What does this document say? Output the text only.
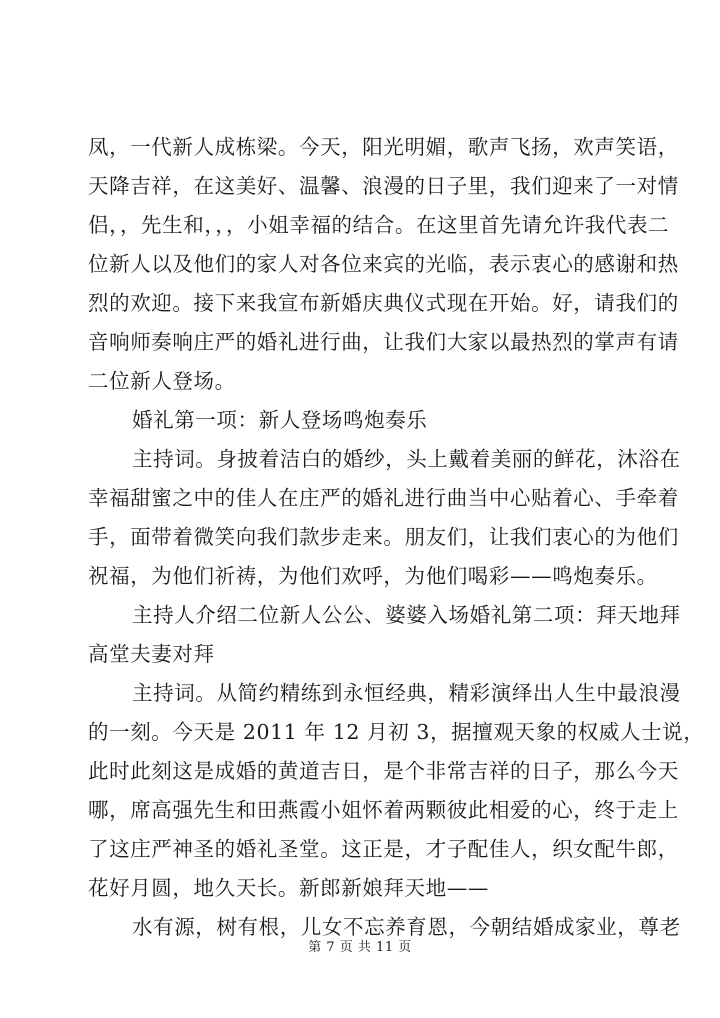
凤，一代新人成栋梁。今天，阳光明媚，歌声飞扬，欢声笑语，
天降吉祥，在这美好、温馨、浪漫的日子里，我们迎来了一对情
侣，，先生和，，，小姐幸福的结合。在这里首先请允许我代表二
位新人以及他们的家人对各位来宾的光临，表示衷心的感谢和热
烈的欢迎。接下来我宣布新婚庆典仪式现在开始。好，请我们的
音响师奏响庄严的婚礼进行曲，让我们大家以最热烈的掌声有请
二位新人登场。
婚礼第一项：新人登场鸣炮奏乐
主持词。身披着洁白的婚纱，头上戴着美丽的鲜花，沐浴在
幸福甜蜜之中的佳人在庄严的婚礼进行曲当中心贴着心、手牵着
手，面带着微笑向我们款步走来。朋友们，让我们衷心的为他们
祝福，为他们祈祷，为他们欢呼，为他们喝彩——鸣炮奏乐。
主持人介绍二位新人公公、婆婆入场婚礼第二项：拜天地拜
高堂夫妻对拜
主持词。从简约精练到永恒经典，精彩演绎出人生中最浪漫
的一刻。今天是 2011 年 12 月初 3，据擅观天象的权威人士说，
此时此刻这是成婚的黄道吉日，是个非常吉祥的日子，那么今天
哪，席高强先生和田燕霞小姐怀着两颗彼此相爱的心，终于走上
了这庄严神圣的婚礼圣堂。这正是，才子配佳人，织女配牛郎，
花好月圆，地久天长。新郎新娘拜天地——
水有源，树有根，儿女不忘养育恩，今朝结婚成家业，尊老
第 7 页 共 11 页
